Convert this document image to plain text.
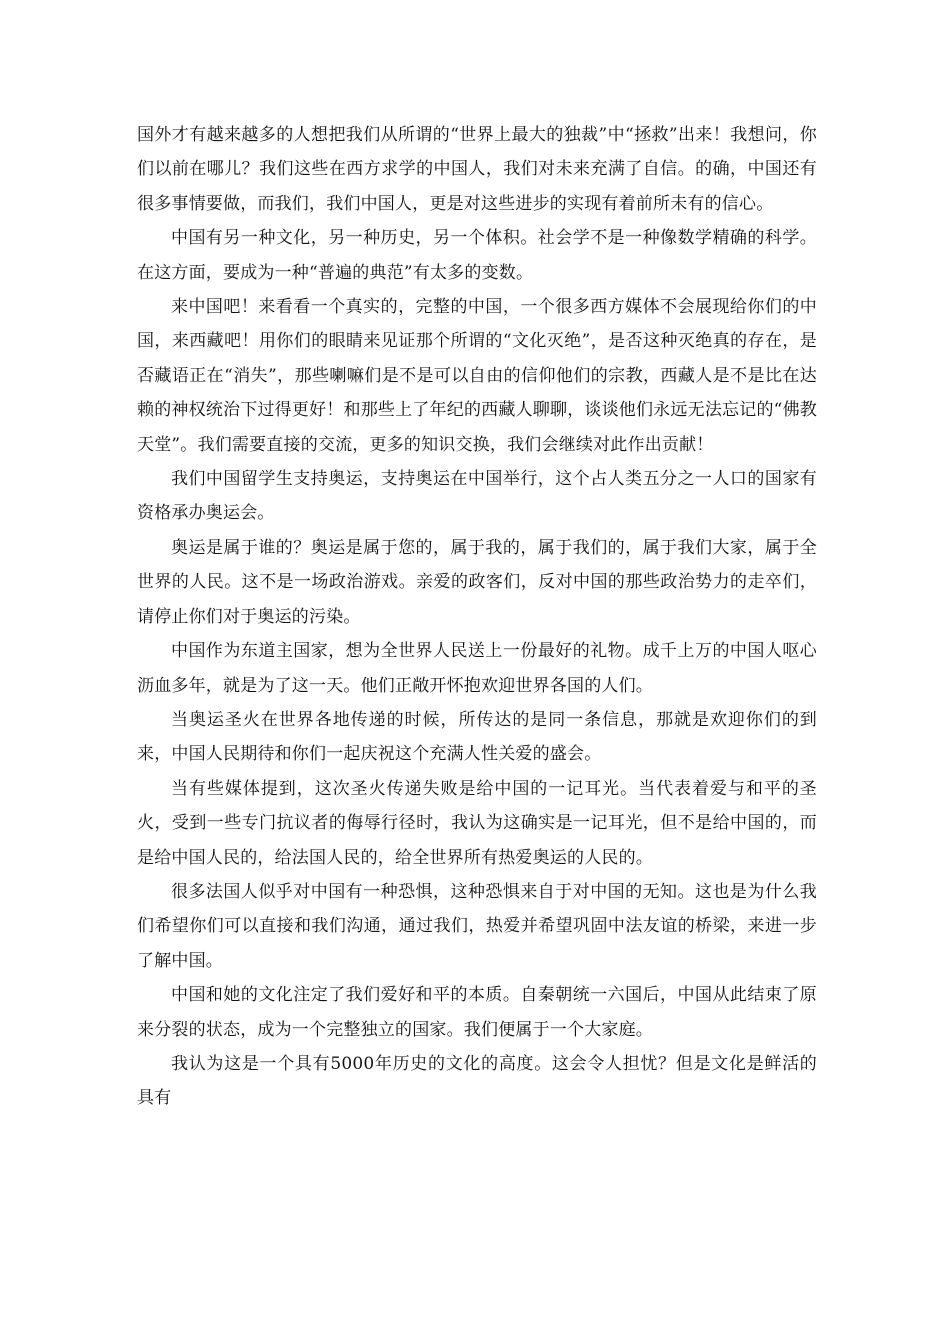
国外才有越来越多的人想把我们从所谓的“世界上最大的独裁”中“拯救”出来！我想问，你们以前在哪儿？我们这些在西方求学的中国人，我们对未来充满了自信。的确，中国还有很多事情要做，而我们，我们中国人，更是对这些进步的实现有着前所未有的信心。

中国有另一种文化，另一种历史，另一个体积。社会学不是一种像数学精确的科学。在这方面，要成为一种“普遍的典范”有太多的变数。

来中国吧！来看看一个真实的，完整的中国，一个很多西方媒体不会展现给你们的中国，来西藏吧！用你们的眼睛来见证那个所谓的“文化灭绝”，是否这种灭绝真的存在，是否藏语正在“消失”，那些喇嘛们是不是可以自由的信仰他们的宗教，西藏人是不是比在达赖的神权统治下过得更好！和那些上了年纪的西藏人聊聊，谈谈他们永远无法忘记的“佛教天堂”。我们需要直接的交流，更多的知识交换，我们会继续对此作出贡献！

我们中国留学生支持奥运，支持奥运在中国举行，这个占人类五分之一人口的国家有资格承办奥运会。

奥运是属于谁的？奥运是属于您的，属于我的，属于我们的，属于我们大家，属于全世界的人民。这不是一场政治游戏。亲爱的政客们，反对中国的那些政治势力的走卒们，请停止你们对于奥运的污染。

中国作为东道主国家，想为全世界人民送上一份最好的礼物。成千上万的中国人呕心沥血多年，就是为了这一天。他们正敞开怀抱欢迎世界各国的人们。

当奥运圣火在世界各地传递的时候，所传达的是同一条信息，那就是欢迎你们的到来，中国人民期待和你们一起庆祝这个充满人性关爱的盛会。

当有些媒体提到，这次圣火传递失败是给中国的一记耳光。当代表着爱与和平的圣火，受到一些专门抗议者的侮辱行径时，我认为这确实是一记耳光，但不是给中国的，而是给中国人民的，给法国人民的，给全世界所有热爱奥运的人民的。

很多法国人似乎对中国有一种恐惧，这种恐惧来自于对中国的无知。这也是为什么我们希望你们可以直接和我们沟通，通过我们，热爱并希望巩固中法友谊的桥梁，来进一步了解中国。

中国和她的文化注定了我们爱好和平的本质。自秦朝统一六国后，中国从此结束了原来分裂的状态，成为一个完整独立的国家。我们便属于一个大家庭。

我认为这是一个具有5000年历史的文化的高度。这会令人担忧？但是文化是鲜活的具有
